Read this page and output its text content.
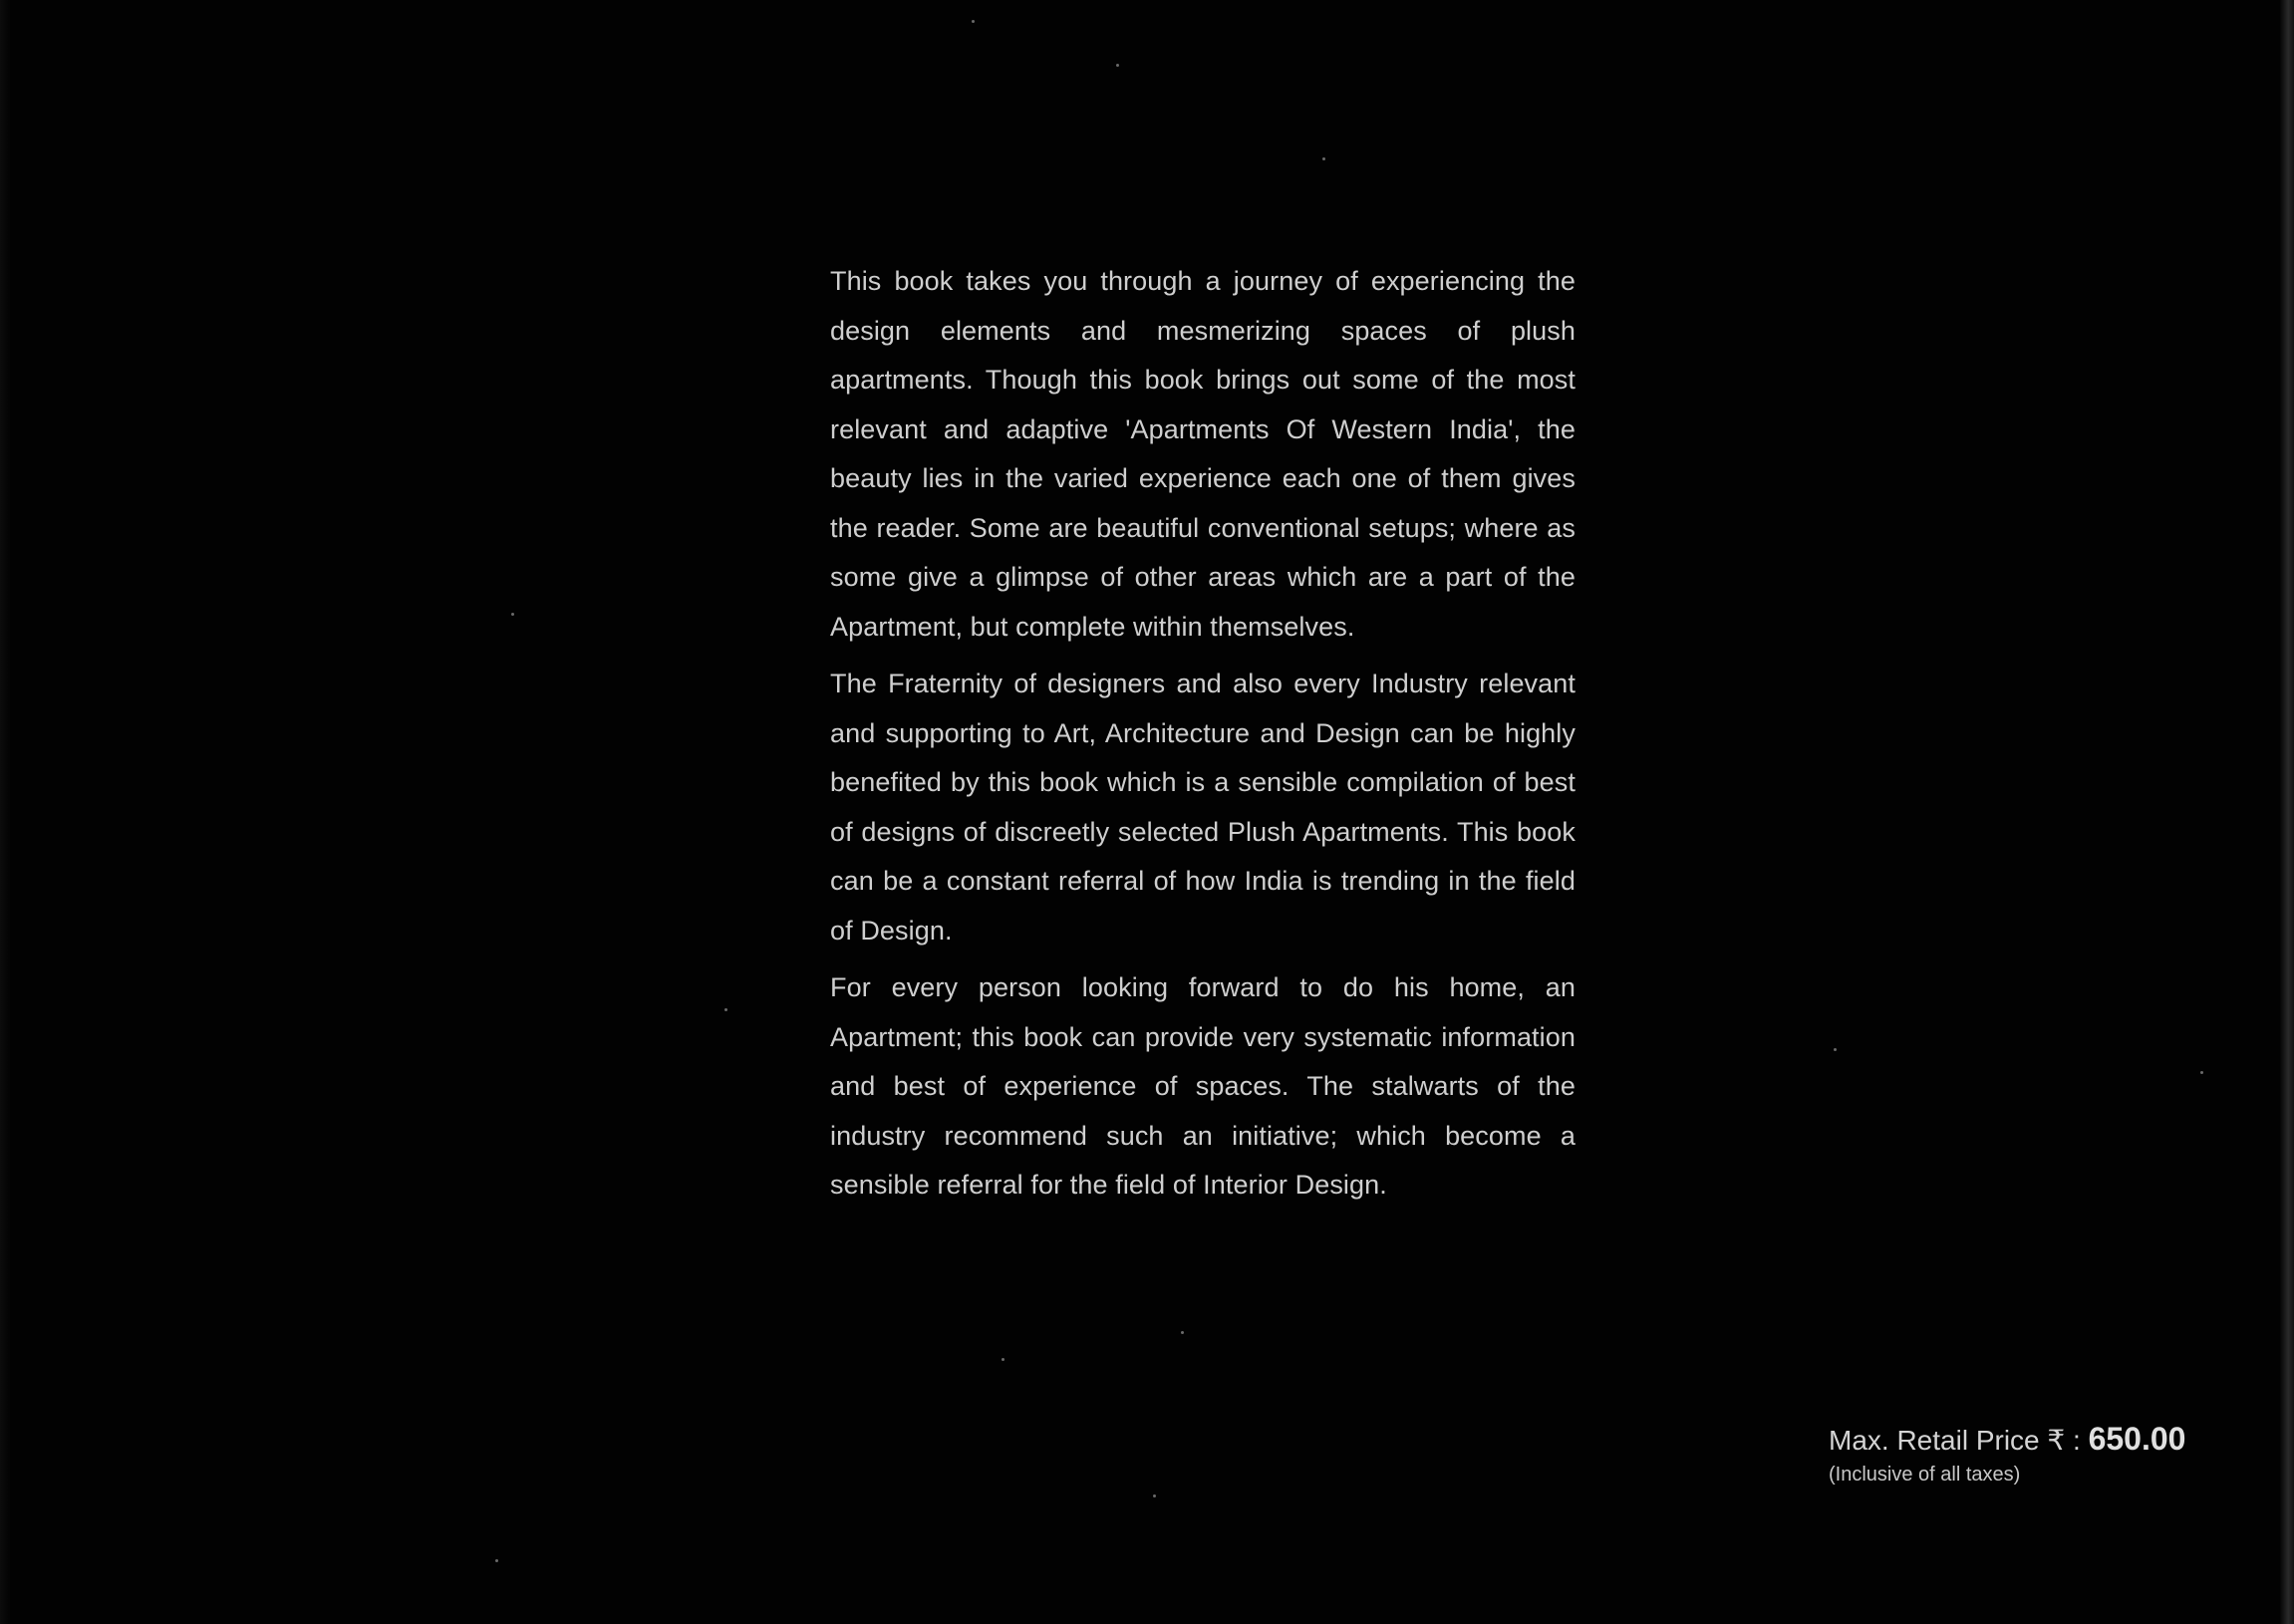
This book takes you through a journey of experiencing the design elements and mesmerizing spaces of plush apartments. Though this book brings out some of the most relevant and adaptive 'Apartments Of Western India', the beauty lies in the varied experience each one of them gives the reader. Some are beautiful conventional setups; where as some give a glimpse of other areas which are a part of the Apartment, but complete within themselves.

The Fraternity of designers and also every Industry relevant and supporting to Art, Architecture and Design can be highly benefited by this book which is a sensible compilation of best of designs of discreetly selected Plush Apartments. This book can be a constant referral of how India is trending in the field of Design.

For every person looking forward to do his home, an Apartment; this book can provide very systematic information and best of experience of spaces. The stalwarts of the industry recommend such an initiative; which become a sensible referral for the field of Interior Design.

Max. Retail Price ₹ : 650.00
(Inclusive of all taxes)
